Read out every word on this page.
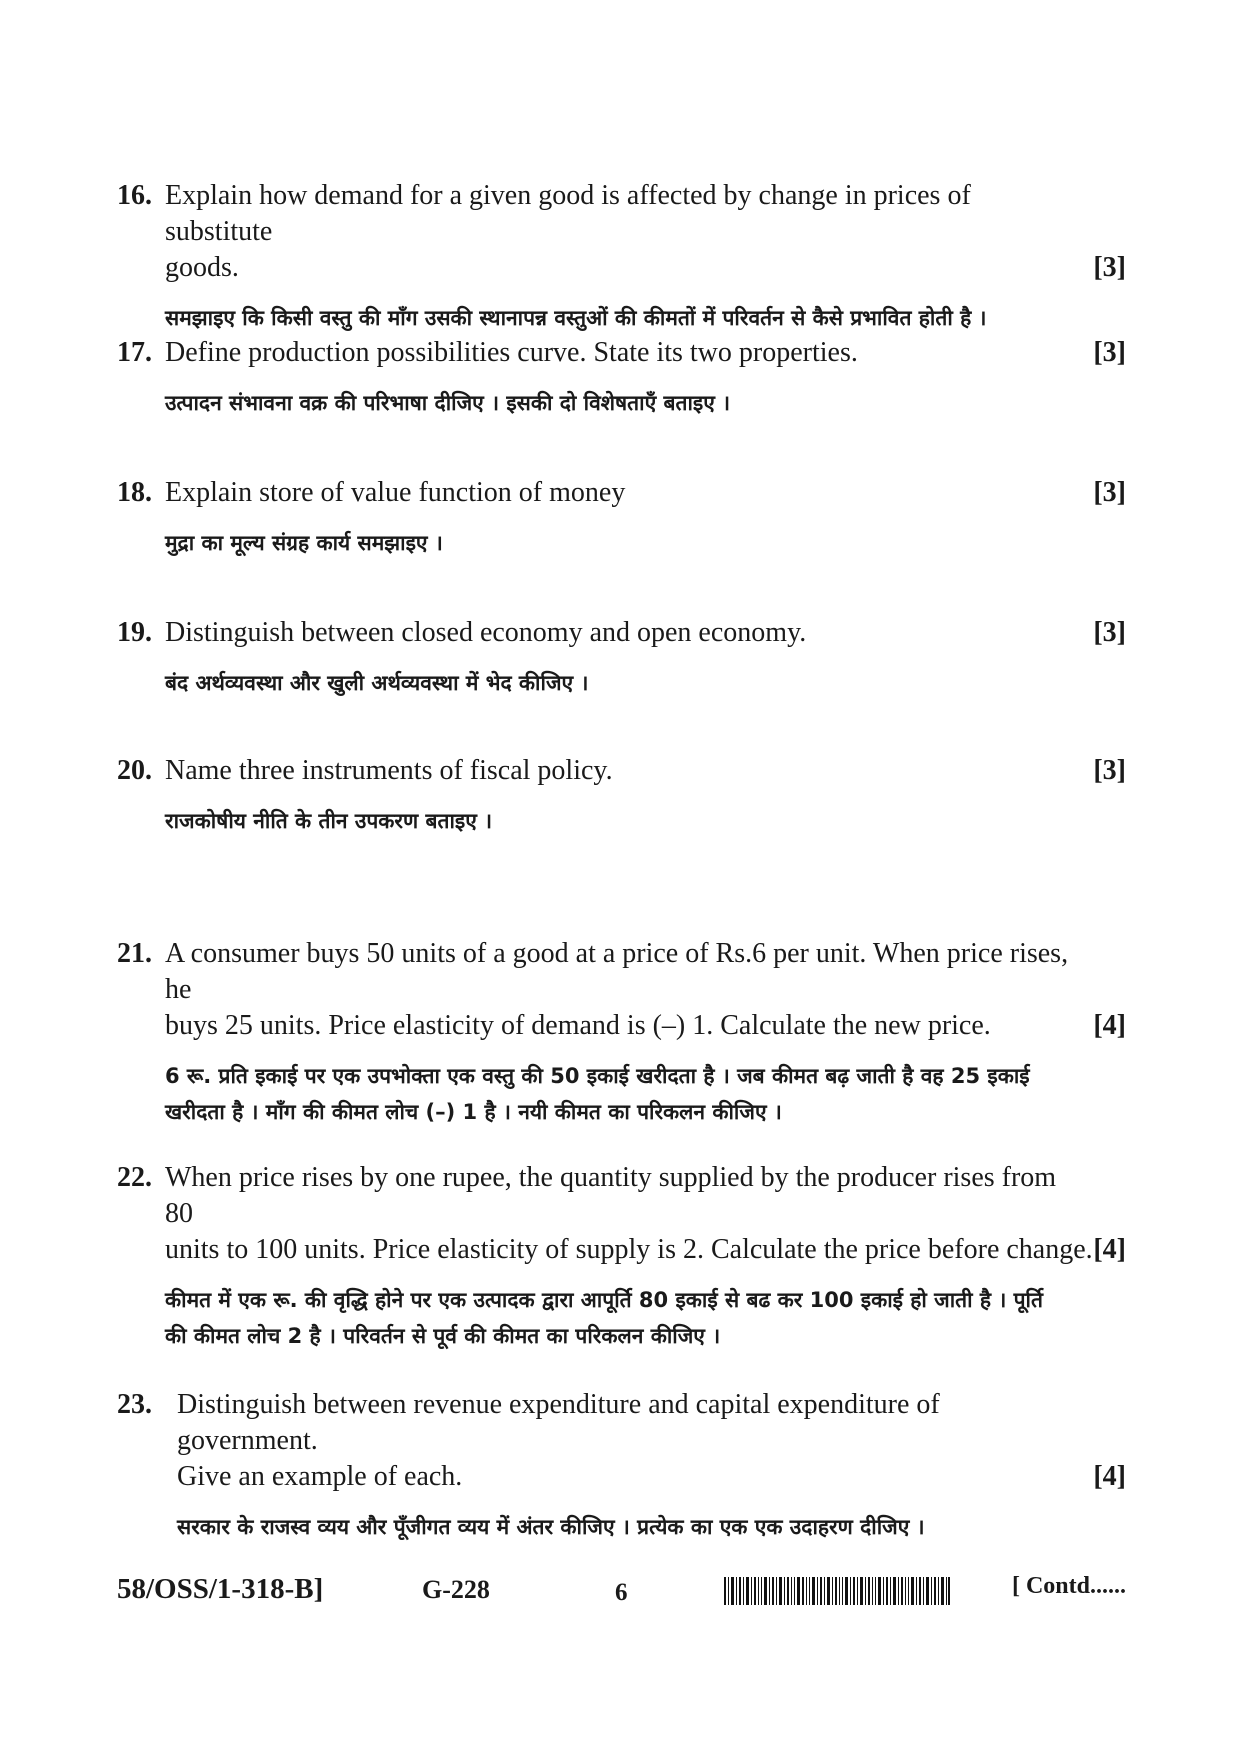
16. Explain how demand for a given good is affected by change in prices of substitute
goods.	[3]
समझाइए कि किसी वस्तु की माँग उसकी स्थानापन्न वस्तुओं की कीमतों में परिवर्तन से कैसे प्रभावित होती है ।
17. Define production possibilities curve. State its two properties.	[3]
उत्पादन संभावना वक्र की परिभाषा दीजिए । इसकी दो विशेषताएँ बताइए ।
18. Explain store of value function of money	[3]
मुद्रा का मूल्य संग्रह कार्य समझाइए ।
19. Distinguish between closed economy and open economy.	[3]
बंद अर्थव्यवस्था और खुली अर्थव्यवस्था में भेद कीजिए ।
20. Name three instruments of fiscal policy.	[3]
राजकोषीय नीति के तीन उपकरण बताइए ।
21. A consumer buys 50 units of a good at a price of Rs.6 per unit. When price rises, he
buys 25 units. Price elasticity of demand is (–) 1. Calculate the new price.	[4]
6 रू. प्रति इकाई पर एक उपभोक्ता एक वस्तु की 50 इकाई खरीदता है । जब कीमत बढ़ जाती है वह 25 इकाई
खरीदता है । माँग की कीमत लोच (–) 1 है । नयी कीमत का परिकलन कीजिए ।
22. When price rises by one rupee, the quantity supplied by the producer rises from 80
units to 100 units. Price elasticity of supply is 2. Calculate the price before change. [4]
कीमत में एक रू. की वृद्धि होने पर एक उत्पादक द्वारा आपूर्ति 80 इकाई से बढ कर 100 इकाई हो जाती है । पूर्ति
की कीमत लोच 2 है । परिवर्तन से पूर्व की कीमत का परिकलन कीजिए ।
23. Distinguish between revenue expenditure and capital expenditure of government.
Give an example of each.	[4]
सरकार के राजस्व व्यय और पूँजीगत व्यय में अंतर कीजिए । प्रत्येक का एक एक उदाहरण दीजिए ।
58/OSS/1-318-B]	G-228	6	[ Contd......
